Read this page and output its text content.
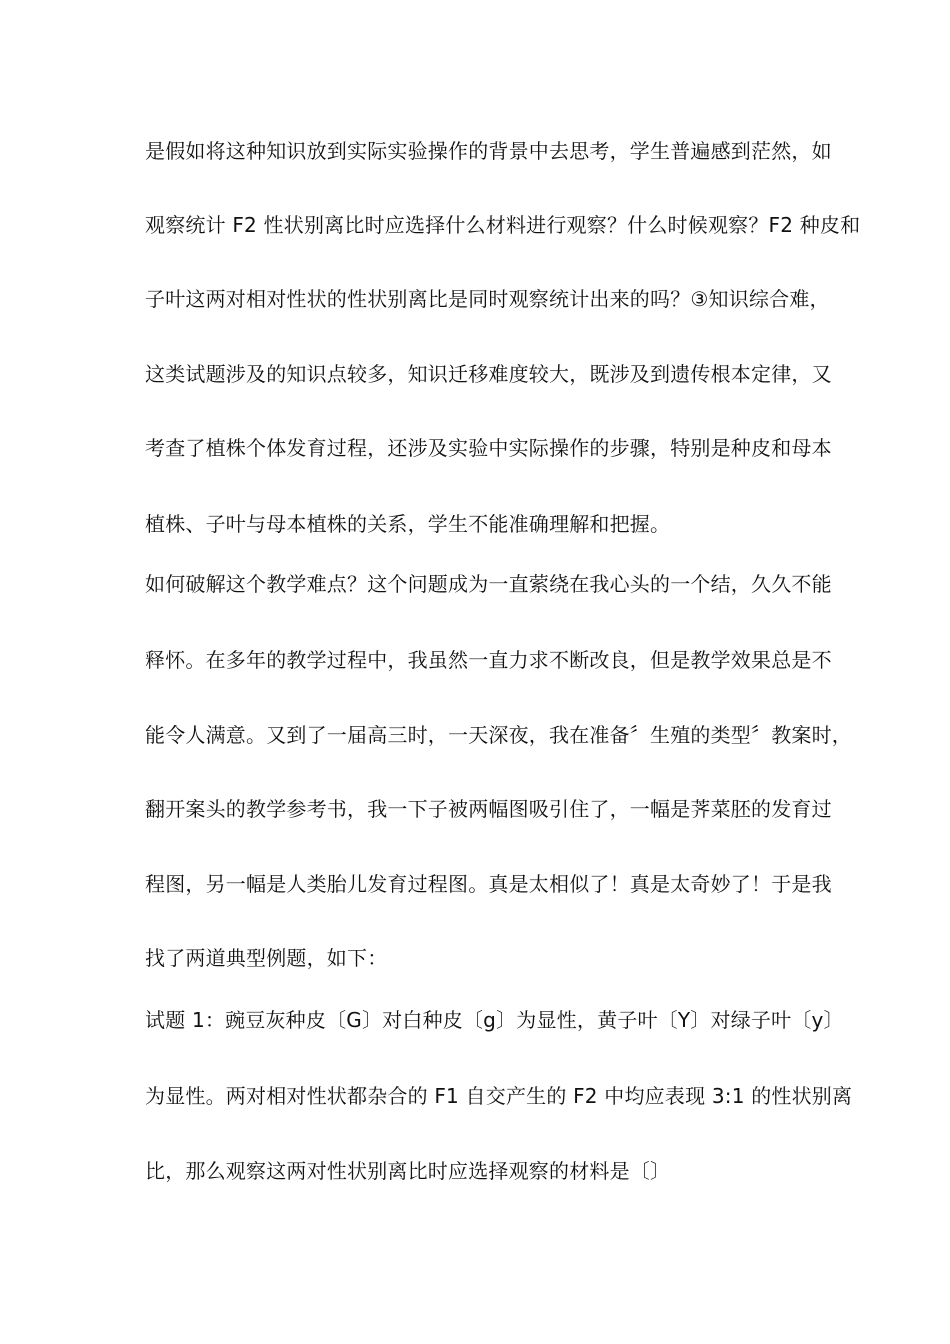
是假如将这种知识放到实际实验操作的背景中去思考，学生普遍感到茫然，如
观察统计 F2 性状别离比时应选择什么材料进行观察？什么时候观察？F2 种皮和
子叶这两对相对性状的性状别离比是同时观察统计出来的吗？③知识综合难，
这类试题涉及的知识点较多，知识迁移难度较大，既涉及到遗传根本定律，又
考查了植株个体发育过程，还涉及实验中实际操作的步骤，特别是种皮和母本
植株、子叶与母本植株的关系，学生不能准确理解和把握。
如何破解这个教学难点？这个问题成为一直萦绕在我心头的一个结，久久不能
释怀。在多年的教学过程中，我虽然一直力求不断改良，但是教学效果总是不
能令人满意。又到了一届高三时，一天深夜，我在准备〞生殖的类型〞教案时，
翻开案头的教学参考书，我一下子被两幅图吸引住了，一幅是荠菜胚的发育过
程图，另一幅是人类胎儿发育过程图。真是太相似了！真是太奇妙了！于是我
找了两道典型例题，如下：
试题 1：豌豆灰种皮〔G〕对白种皮〔g〕为显性，黄子叶〔Y〕对绿子叶〔y〕
为显性。两对相对性状都杂合的 F1 自交产生的 F2 中均应表现 3:1 的性状别离
比，那么观察这两对性状别离比时应选择观察的材料是〔〕
